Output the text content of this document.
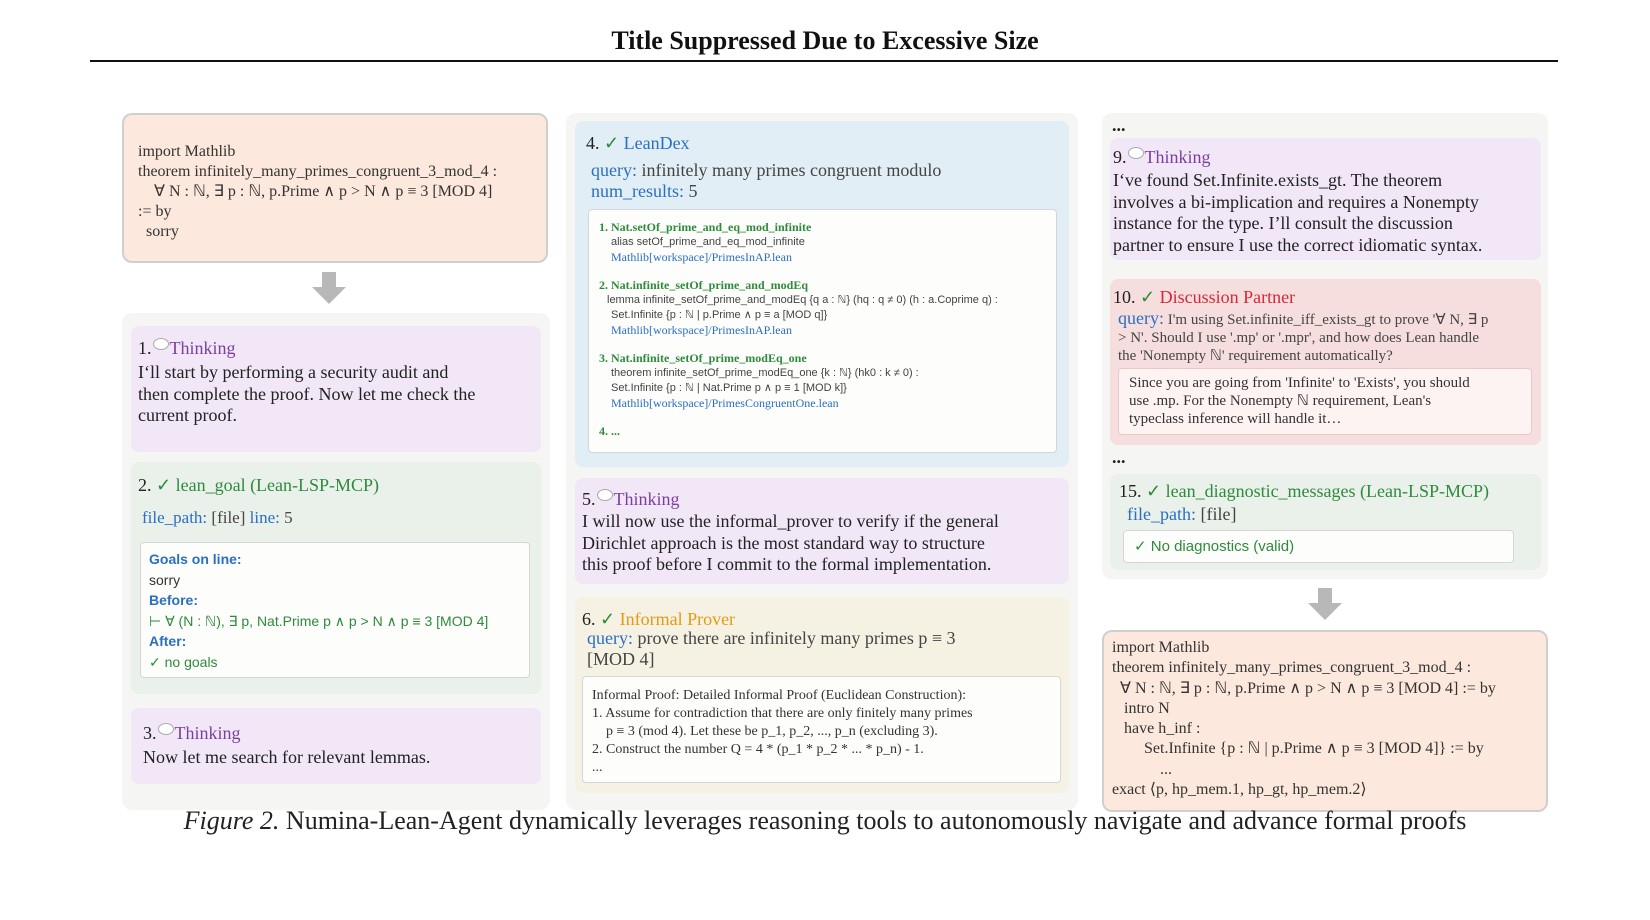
Title Suppressed Due to Excessive Size
import Mathlib
theorem infinitely_many_primes_congruent_3_mod_4 :
∀ N : ℕ, ∃ p : ℕ, p.Prime ∧ p > N ∧ p ≡ 3 [MOD 4]
:= by
sorry
1. Thinking
I‘ll start by performing a security audit and
then complete the proof. Now let me check the
current proof.
2. ✓ lean_goal (Lean-LSP-MCP)
file_path: [file] line: 5
Goals on line:
sorry
Before:
⊢ ∀ (N : ℕ), ∃ p, Nat.Prime p ∧ p > N ∧ p ≡ 3 [MOD 4]
After:
✓ no goals
3. Thinking
Now let me search for relevant lemmas.
4. ✓ LeanDex
query: infinitely many primes congruent modulo
num_results: 5
1. Nat.setOf_prime_and_eq_mod_infinite
alias setOf_prime_and_eq_mod_infinite
Mathlib[workspace]/PrimesInAP.lean
2. Nat.infinite_setOf_prime_and_modEq
lemma infinite_setOf_prime_and_modEq {q a : ℕ} (hq : q ≠ 0) (h : a.Coprime q) :
Set.Infinite {p : ℕ | p.Prime ∧ p ≡ a [MOD q]}
Mathlib[workspace]/PrimesInAP.lean
3. Nat.infinite_setOf_prime_modEq_one
theorem infinite_setOf_prime_modEq_one {k : ℕ} (hk0 : k ≠ 0) :
Set.Infinite {p : ℕ | Nat.Prime p ∧ p ≡ 1 [MOD k]}
Mathlib[workspace]/PrimesCongruentOne.lean
4. ...
5. Thinking
I will now use the informal_prover to verify if the general
Dirichlet approach is the most standard way to structure
this proof before I commit to the formal implementation.
6. ✓ Informal Prover
query: prove there are infinitely many primes p ≡ 3
[MOD 4]
Informal Proof: Detailed Informal Proof (Euclidean Construction):
1. Assume for contradiction that there are only finitely many primes
p ≡ 3 (mod 4). Let these be p_1, p_2, ..., p_n (excluding 3).
2. Construct the number Q = 4 * (p_1 * p_2 * ... * p_n) - 1.
...
...
9. Thinking
I‘ve found Set.Infinite.exists_gt. The theorem
involves a bi-implication and requires a Nonempty
instance for the type. I’ll consult the discussion
partner to ensure I use the correct idiomatic syntax.
10. ✓ Discussion Partner
query: I'm using Set.infinite_iff_exists_gt to prove '∀ N, ∃ p
> N'. Should I use '.mp' or '.mpr', and how does Lean handle
the 'Nonempty ℕ' requirement automatically?
Since you are going from 'Infinite' to 'Exists', you should
use .mp. For the Nonempty ℕ requirement, Lean's
typeclass inference will handle it…
...
15. ✓ lean_diagnostic_messages (Lean-LSP-MCP)
file_path: [file]
✓ No diagnostics (valid)
import Mathlib
theorem infinitely_many_primes_congruent_3_mod_4 :
∀ N : ℕ, ∃ p : ℕ, p.Prime ∧ p > N ∧ p ≡ 3 [MOD 4] := by
intro N
have h_inf :
Set.Infinite {p : ℕ | p.Prime ∧ p ≡ 3 [MOD 4]} := by
...
exact ⟨p, hp_mem.1, hp_gt, hp_mem.2⟩
Figure 2. Numina-Lean-Agent dynamically leverages reasoning tools to autonomously navigate and advance formal proofs
